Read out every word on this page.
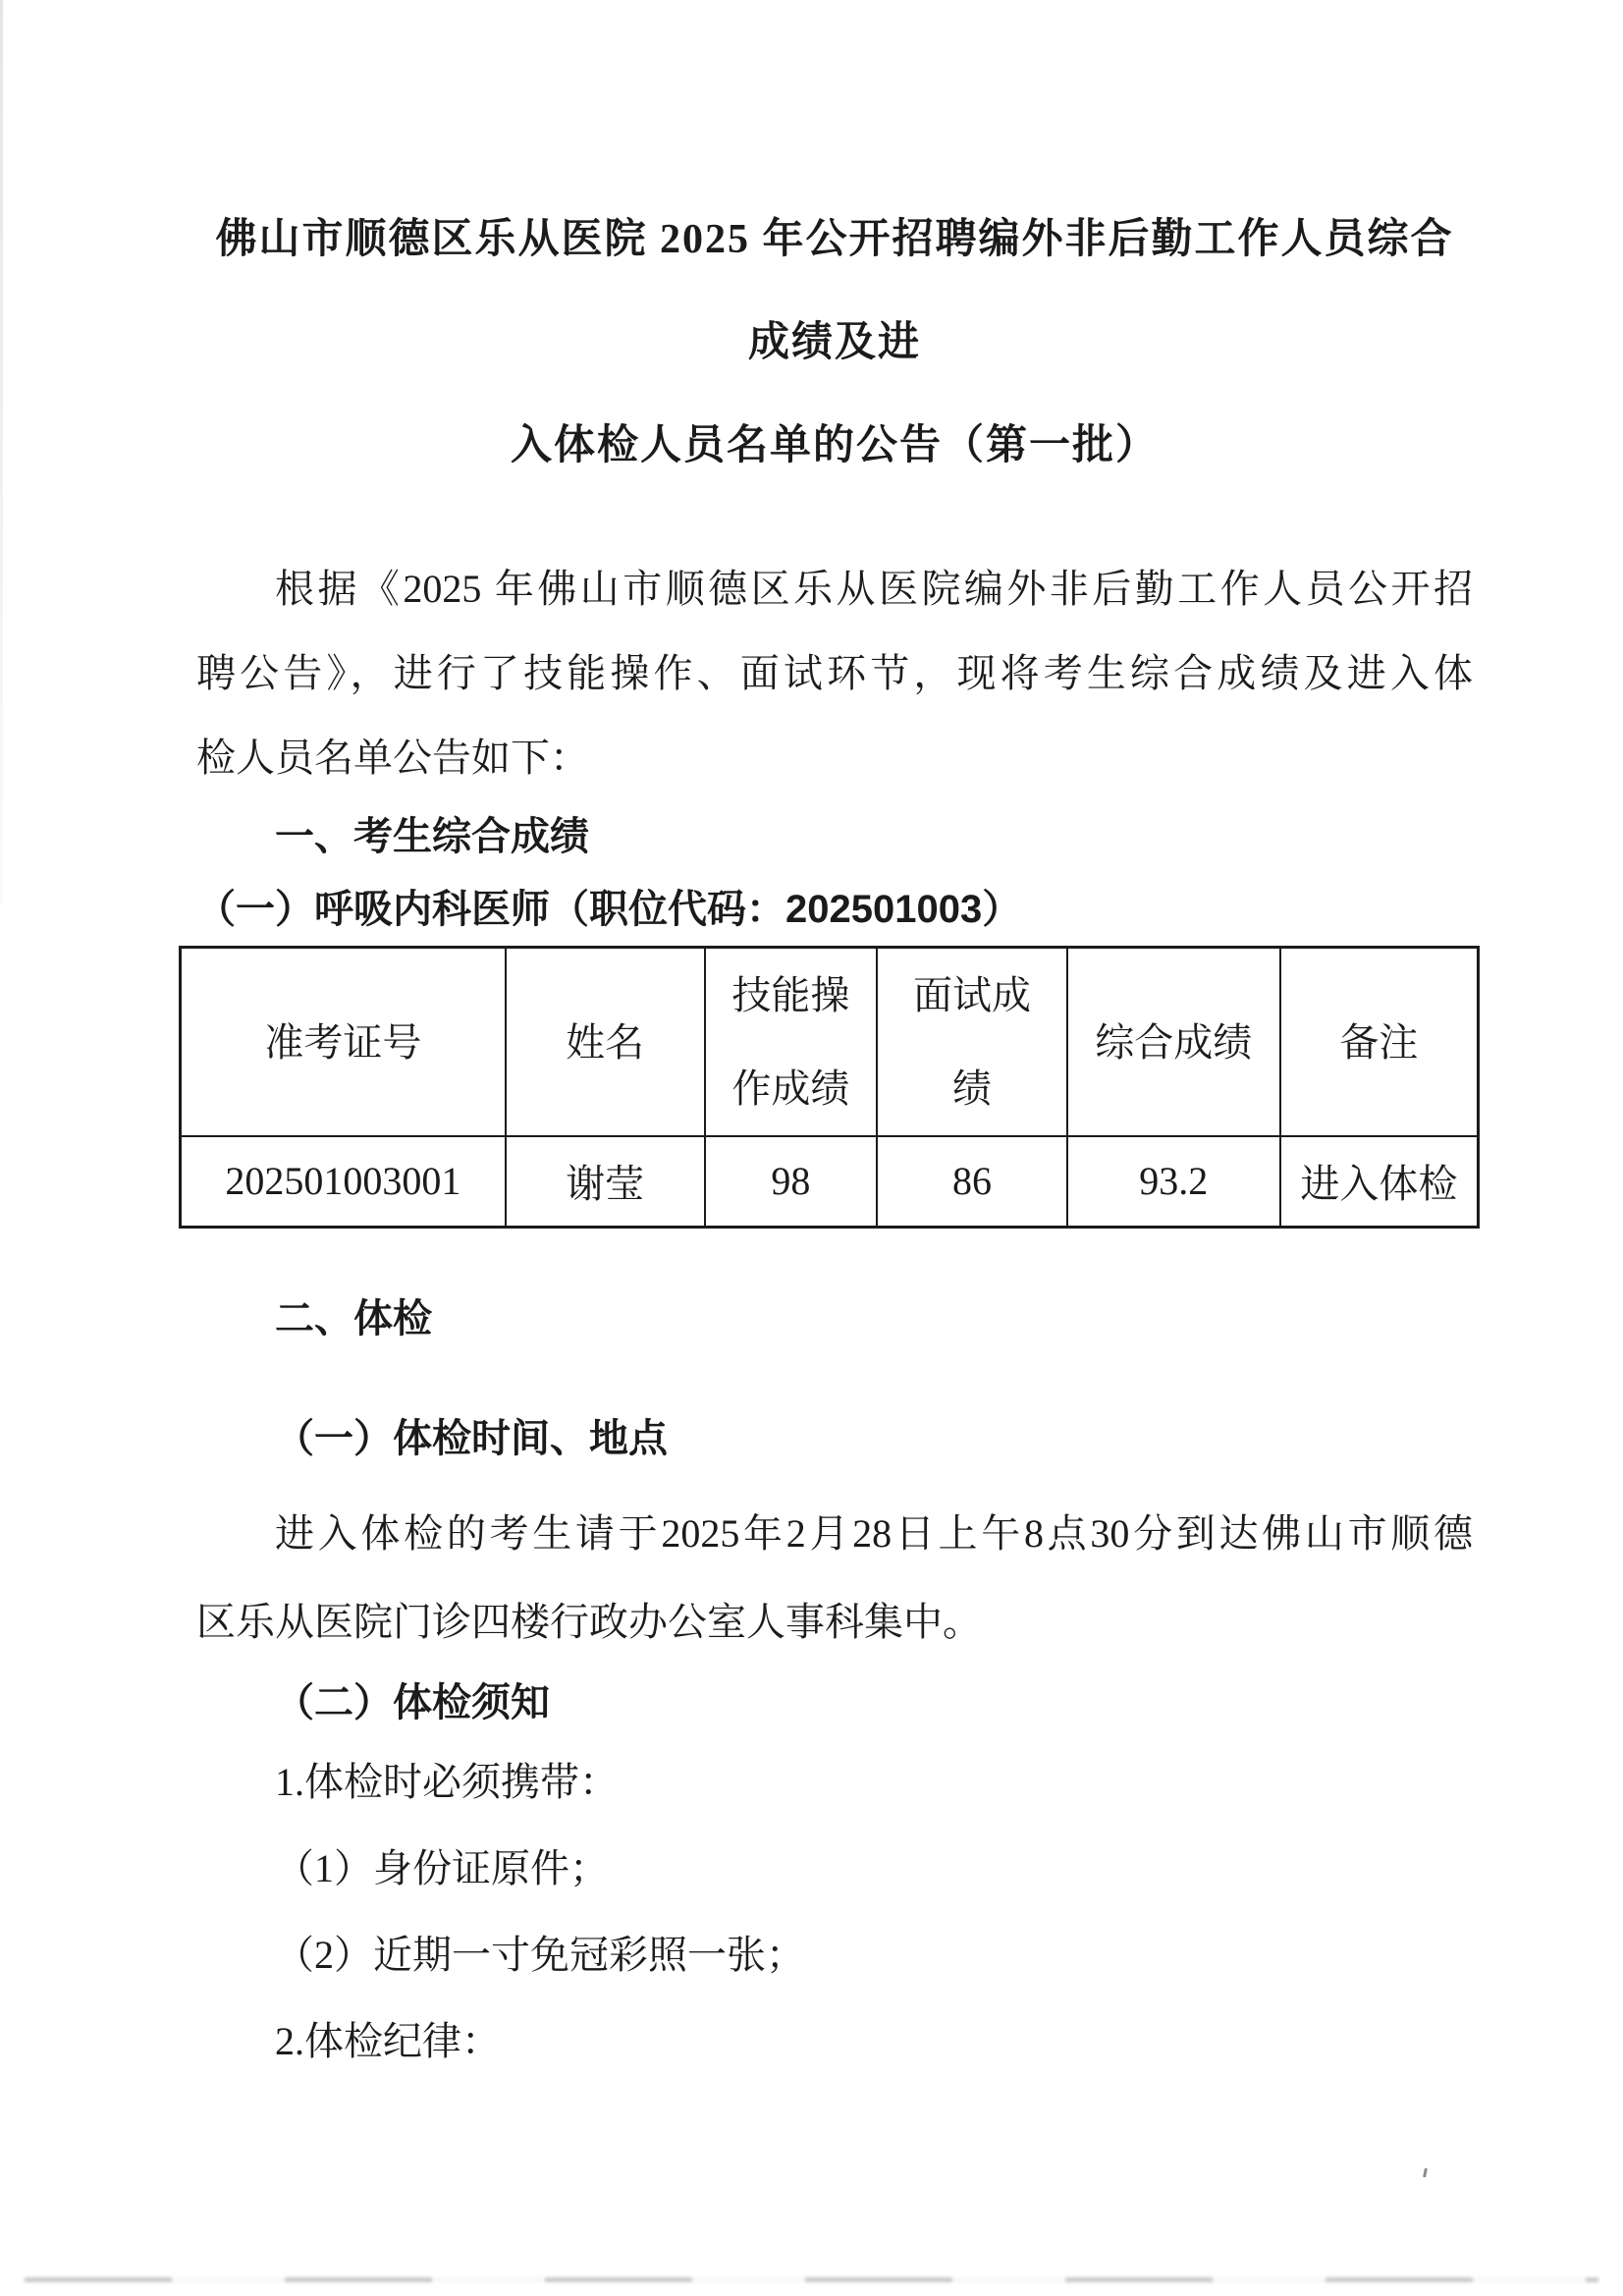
佛山市顺德区乐从医院 2025 年公开招聘编外非后勤工作人员综合成绩及进
入体检人员名单的公告（第一批）
根据《2025 年佛山市顺德区乐从医院编外非后勤工作人员公开招
聘公告》，进行了技能操作、面试环节，现将考生综合成绩及进入体
检人员名单公告如下：
一、考生综合成绩
（一）呼吸内科医师（职位代码：202501003）
准考证号	姓名	技能操作成绩	面试成绩	综合成绩	备注
202501003001	谢莹	98	86	93.2	进入体检
二、体检
（一）体检时间、地点
进入体检的考生请于2025年2月28日上午8点30分到达佛山市顺德
区乐从医院门诊四楼行政办公室人事科集中。
（二）体检须知
1.体检时必须携带：
（1）身份证原件；
（2）近期一寸免冠彩照一张；
2.体检纪律：
